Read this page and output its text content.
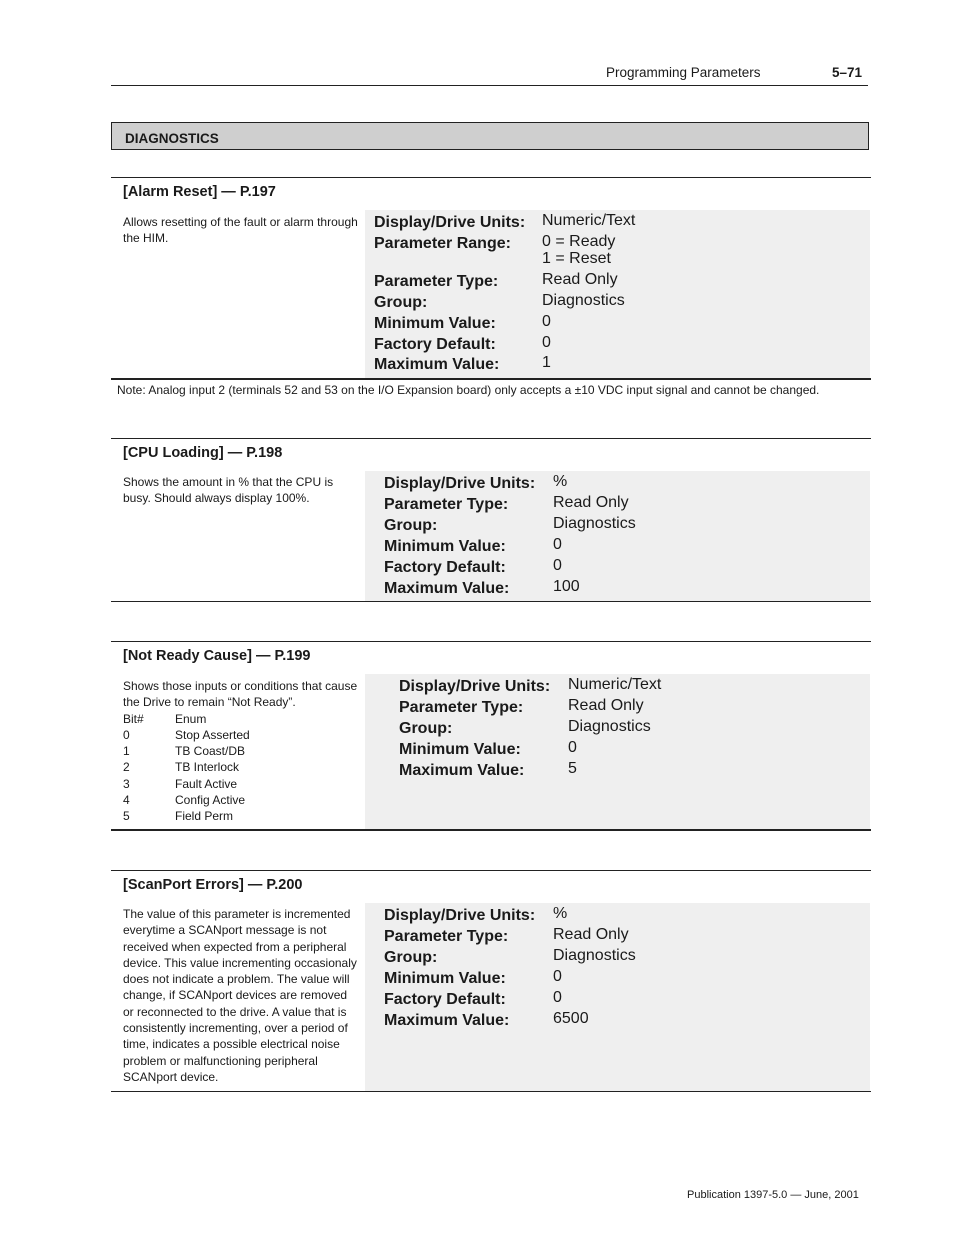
Programming Parameters	5–71
DIAGNOSTICS
[Alarm Reset] — P.197
Allows resetting of the fault or alarm through the HIM.
Display/Drive Units: Numeric/Text
Parameter Range: 0 = Ready
1 = Reset
Parameter Type:	Read Only
Group:	Diagnostics
Minimum Value:	0
Factory Default:	0
Maximum Value:	1
Note: Analog input 2 (terminals 52 and 53 on the I/O Expansion board) only accepts a ±10 VDC input signal and cannot be changed.
[CPU Loading] — P.198
Shows the amount in % that the CPU is busy. Should always display 100%.
Display/Drive Units: %
Parameter Type:	Read Only
Group:	Diagnostics
Minimum Value:	0
Factory Default:	0
Maximum Value:	100
[Not Ready Cause] — P.199
Shows those inputs or conditions that cause the Drive to remain “Not Ready”.
Bit#	Enum
0	Stop Asserted
1	TB Coast/DB
2	TB Interlock
3	Fault Active
4	Config Active
5	Field Perm
Display/Drive Units: Numeric/Text
Parameter Type:	Read Only
Group:	Diagnostics
Minimum Value:	0
Maximum Value:	5
[ScanPort Errors] — P.200
The value of this parameter is incremented everytime a SCANport message is not received when expected from a peripheral device. This value incrementing occasionaly does not indicate a problem. The value will change, if SCANport devices are removed or reconnected to the drive. A value that is consistently incrementing, over a period of time, indicates a possible electrical noise problem or malfunctioning peripheral SCANport device.
Display/Drive Units: %
Parameter Type:	Read Only
Group:	Diagnostics
Minimum Value:	0
Factory Default:	0
Maximum Value:	6500
Publication 1397-5.0 — June, 2001
